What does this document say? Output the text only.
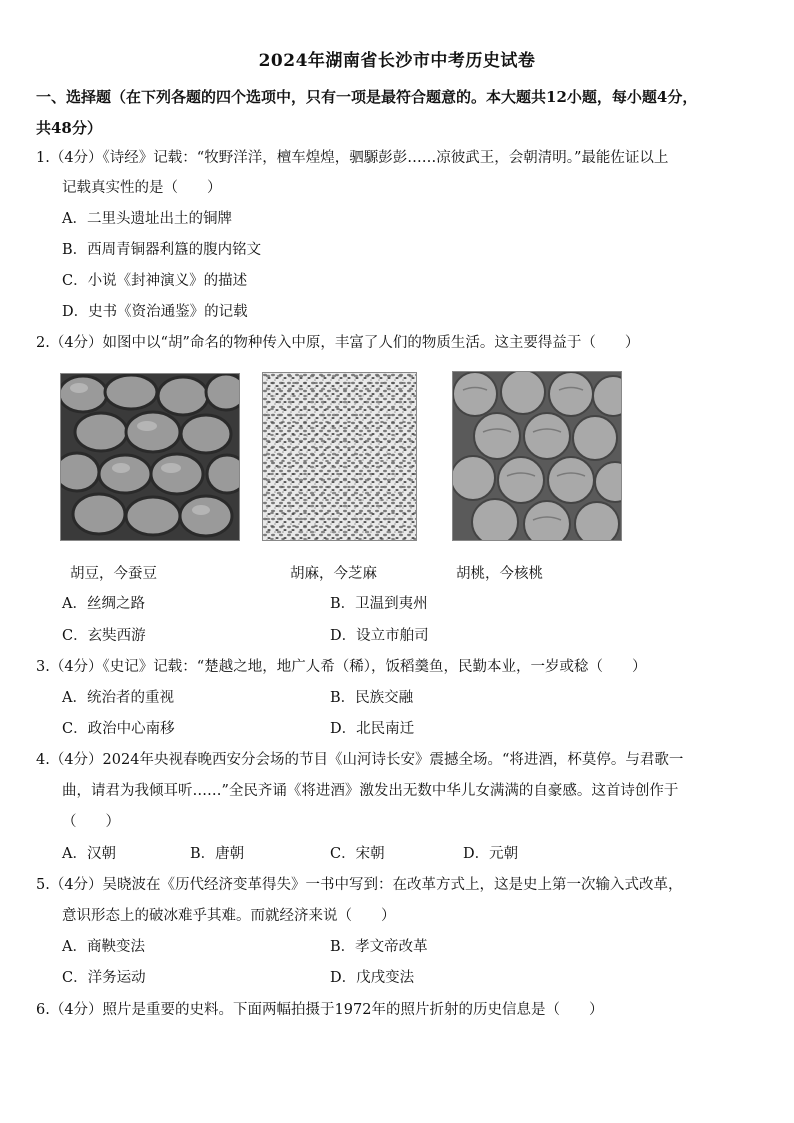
2024年湖南省长沙市中考历史试卷
一、选择题（在下列各题的四个选项中，只有一项是最符合题意的。本大题共12小题，每小题4分，
共48分）
1.（4分）《诗经》记载：“牧野洋洋，檀车煌煌，驷騵彭彭……凉彼武王，会朝清明。”最能佐证以上
记载真实性的是（　　）
A．二里头遗址出土的铜牌
B．西周青铜器利簋的腹内铭文
C．小说《封神演义》的描述
D．史书《资治通鉴》的记载
2.（4分）如图中以“胡”命名的物种传入中原，丰富了人们的物质生活。这主要得益于（　　）
胡豆，今蚕豆	胡麻，今芝麻	胡桃，今核桃
A．丝绸之路	B．卫温到夷州
C．玄奘西游	D．设立市舶司
3.（4分）《史记》记载：“楚越之地，地广人希（稀），饭稻羹鱼，民勤本业，一岁或稔（　　）
A．统治者的重视	B．民族交融
C．政治中心南移	D．北民南迁
4.（4分）2024年央视春晚西安分会场的节目《山河诗长安》震撼全场。“将进酒，杯莫停。与君歌一
曲，请君为我倾耳听……”全民齐诵《将进酒》激发出无数中华儿女满满的自豪感。这首诗创作于
（　　）
A．汉朝	B．唐朝	C．宋朝	D．元朝
5.（4分）吴晓波在《历代经济变革得失》一书中写到：在改革方式上，这是史上第一次输入式改革，
意识形态上的破冰难乎其难。而就经济来说（　　）
A．商鞅变法	B．孝文帝改革
C．洋务运动	D．戊戌变法
6.（4分）照片是重要的史料。下面两幅拍摄于1972年的照片折射的历史信息是（　　）
